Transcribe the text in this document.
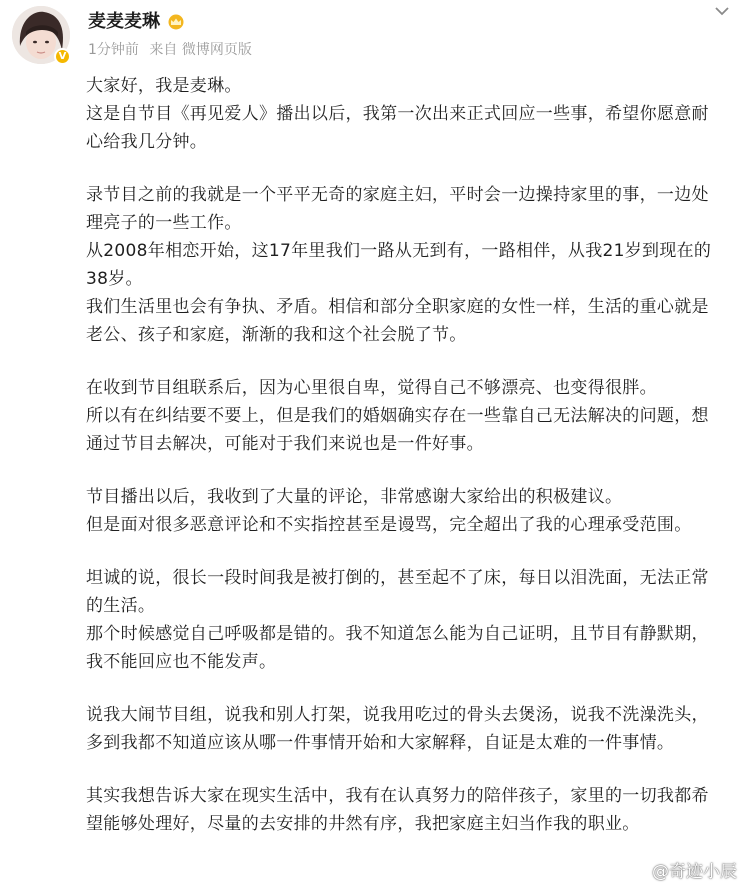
V
麦麦麦琳
1分钟前 来自 微博网页版
大家好，我是麦琳。
这是自节目《再见爱人》播出以后，我第一次出来正式回应一些事，希望你愿意耐
心给我几分钟。
录节目之前的我就是一个平平无奇的家庭主妇，平时会一边操持家里的事，一边处
理亮子的一些工作。
从2008年相恋开始，这17年里我们一路从无到有，一路相伴，从我21岁到现在的
38岁。
我们生活里也会有争执、矛盾。相信和部分全职家庭的女性一样，生活的重心就是
老公、孩子和家庭，渐渐的我和这个社会脱了节。
在收到节目组联系后，因为心里很自卑，觉得自己不够漂亮、也变得很胖。
所以有在纠结要不要上，但是我们的婚姻确实存在一些靠自己无法解决的问题，想
通过节目去解决，可能对于我们来说也是一件好事。
节目播出以后，我收到了大量的评论，非常感谢大家给出的积极建议。
但是面对很多恶意评论和不实指控甚至是谩骂，完全超出了我的心理承受范围。
坦诚的说，很长一段时间我是被打倒的，甚至起不了床，每日以泪洗面，无法正常
的生活。
那个时候感觉自己呼吸都是错的。我不知道怎么能为自己证明，且节目有静默期，
我不能回应也不能发声。
说我大闹节目组，说我和别人打架，说我用吃过的骨头去煲汤，说我不洗澡洗头，
多到我都不知道应该从哪一件事情开始和大家解释，自证是太难的一件事情。
其实我想告诉大家在现实生活中，我有在认真努力的陪伴孩子，家里的一切我都希
望能够处理好，尽量的去安排的井然有序，我把家庭主妇当作我的职业。
@奇迹小辰
